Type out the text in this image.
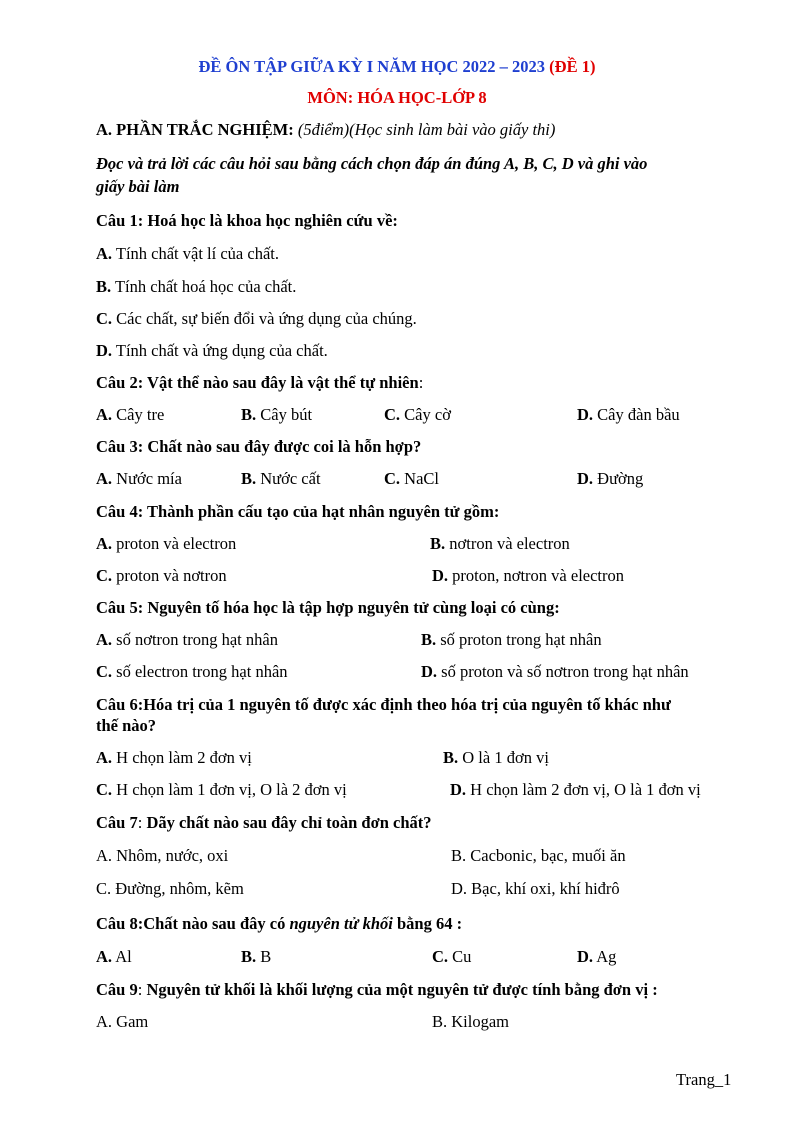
ĐỀ ÔN TẬP GIỮA KỲ I NĂM HỌC 2022 – 2023 (ĐỀ 1)
MÔN: HÓA HỌC-LỚP 8
A. PHẦN TRẮC NGHIỆM: (5điểm)(Học sinh làm bài vào giấy thi)
Đọc và trả lời các câu hỏi sau bằng cách chọn đáp án đúng A, B, C, D và ghi vào
giấy bài làm
Câu 1: Hoá học là khoa học nghiên cứu về:
A. Tính chất vật lí của chất.
B. Tính chất hoá học của chất.
C. Các chất, sự biến đổi và ứng dụng của chúng.
D. Tính chất và ứng dụng của chất.
Câu 2: Vật thể nào sau đây là vật thể tự nhiên:
A. Cây tre	B. Cây bút	C. Cây cờ	D. Cây đàn bầu
Câu 3: Chất nào sau đây được coi là hỗn hợp?
A. Nước mía	B. Nước cất	C. NaCl	D. Đường
Câu 4: Thành phần cấu tạo của hạt nhân nguyên tử gồm:
A. proton và electron	B. nơtron và electron
C. proton và nơtron	D. proton, nơtron và electron
Câu 5: Nguyên tố hóa học là tập hợp nguyên tử cùng loại có cùng:
A. số nơtron trong hạt nhân	B. số proton trong hạt nhân
C. số electron trong hạt nhân	D. số proton và số nơtron trong hạt nhân
Câu 6:Hóa trị của 1 nguyên tố được xác định theo hóa trị của nguyên tố khác như
thế nào?
A. H chọn làm 2 đơn vị	B. O là 1 đơn vị
C. H chọn làm 1 đơn vị, O là 2 đơn vị	D. H chọn làm 2 đơn vị, O là 1 đơn vị
Câu 7: Dãy chất nào sau đây chỉ toàn đơn chất?
A. Nhôm, nước, oxi	B. Cacbonic, bạc, muối ăn
C. Đường, nhôm, kẽm	D. Bạc, khí oxi, khí hiđrô
Câu 8:Chất nào sau đây có nguyên tử khối bằng 64 :
A. Al	B. B	C. Cu	D. Ag
Câu 9: Nguyên tử khối là khối lượng của một nguyên tử được tính bằng đơn vị :
A. Gam	B. Kilogam
Trang_1
